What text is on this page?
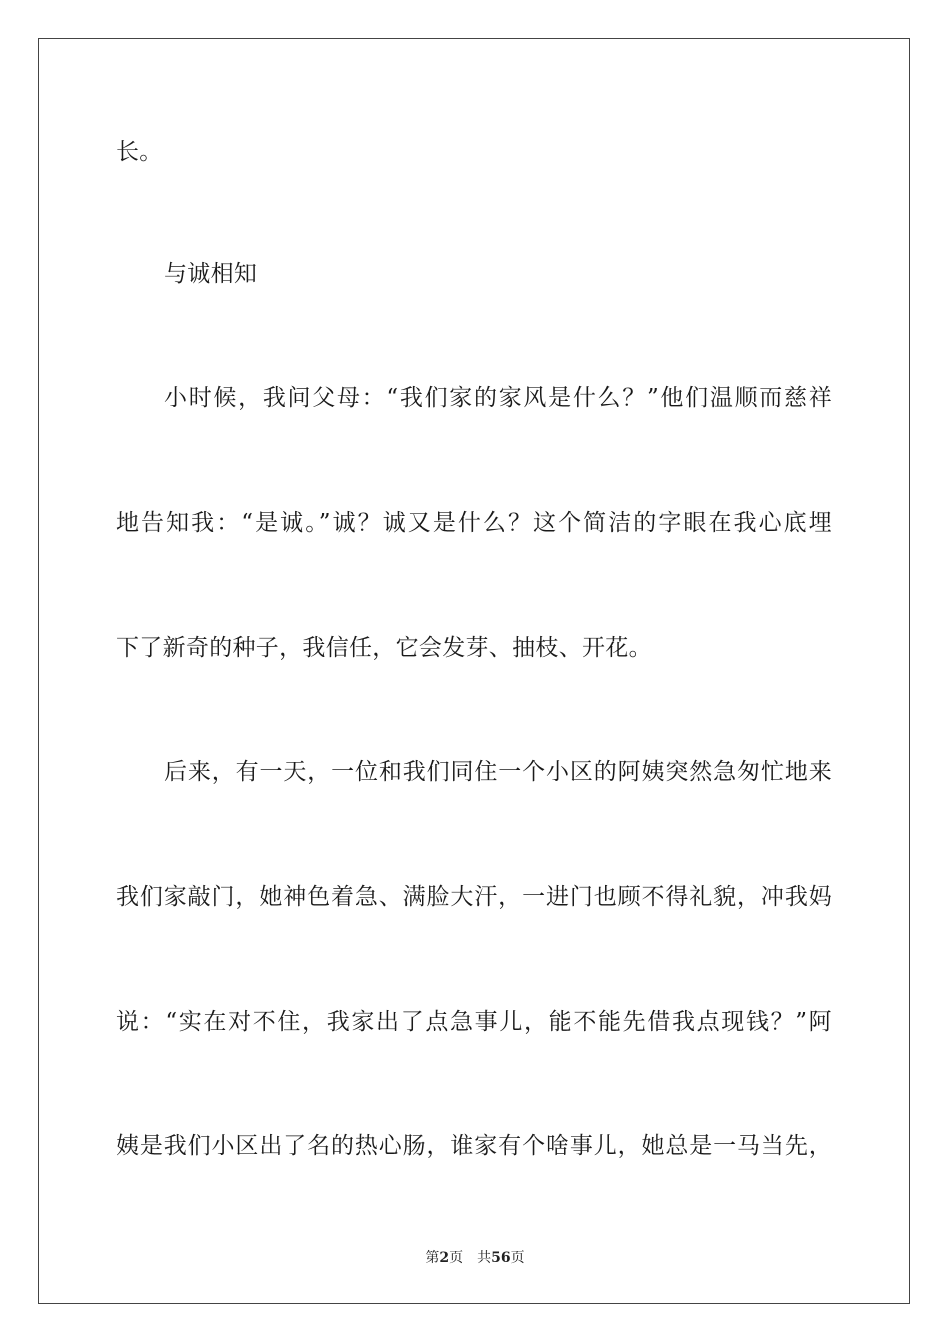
长。
与诚相知
小时候，我问父母：“我们家的家风是什么？”他们温顺而慈祥
地告知我：“是诚。”诚？诚又是什么？这个简洁的字眼在我心底埋
下了新奇的种子，我信任，它会发芽、抽枝、开花。
后来，有一天，一位和我们同住一个小区的阿姨突然急匆忙地来
我们家敲门，她神色着急、满脸大汗，一进门也顾不得礼貌，冲我妈
说：“实在对不住，我家出了点急事儿，能不能先借我点现钱？”阿
姨是我们小区出了名的热心肠，谁家有个啥事儿，她总是一马当先，
第2页 共56页
